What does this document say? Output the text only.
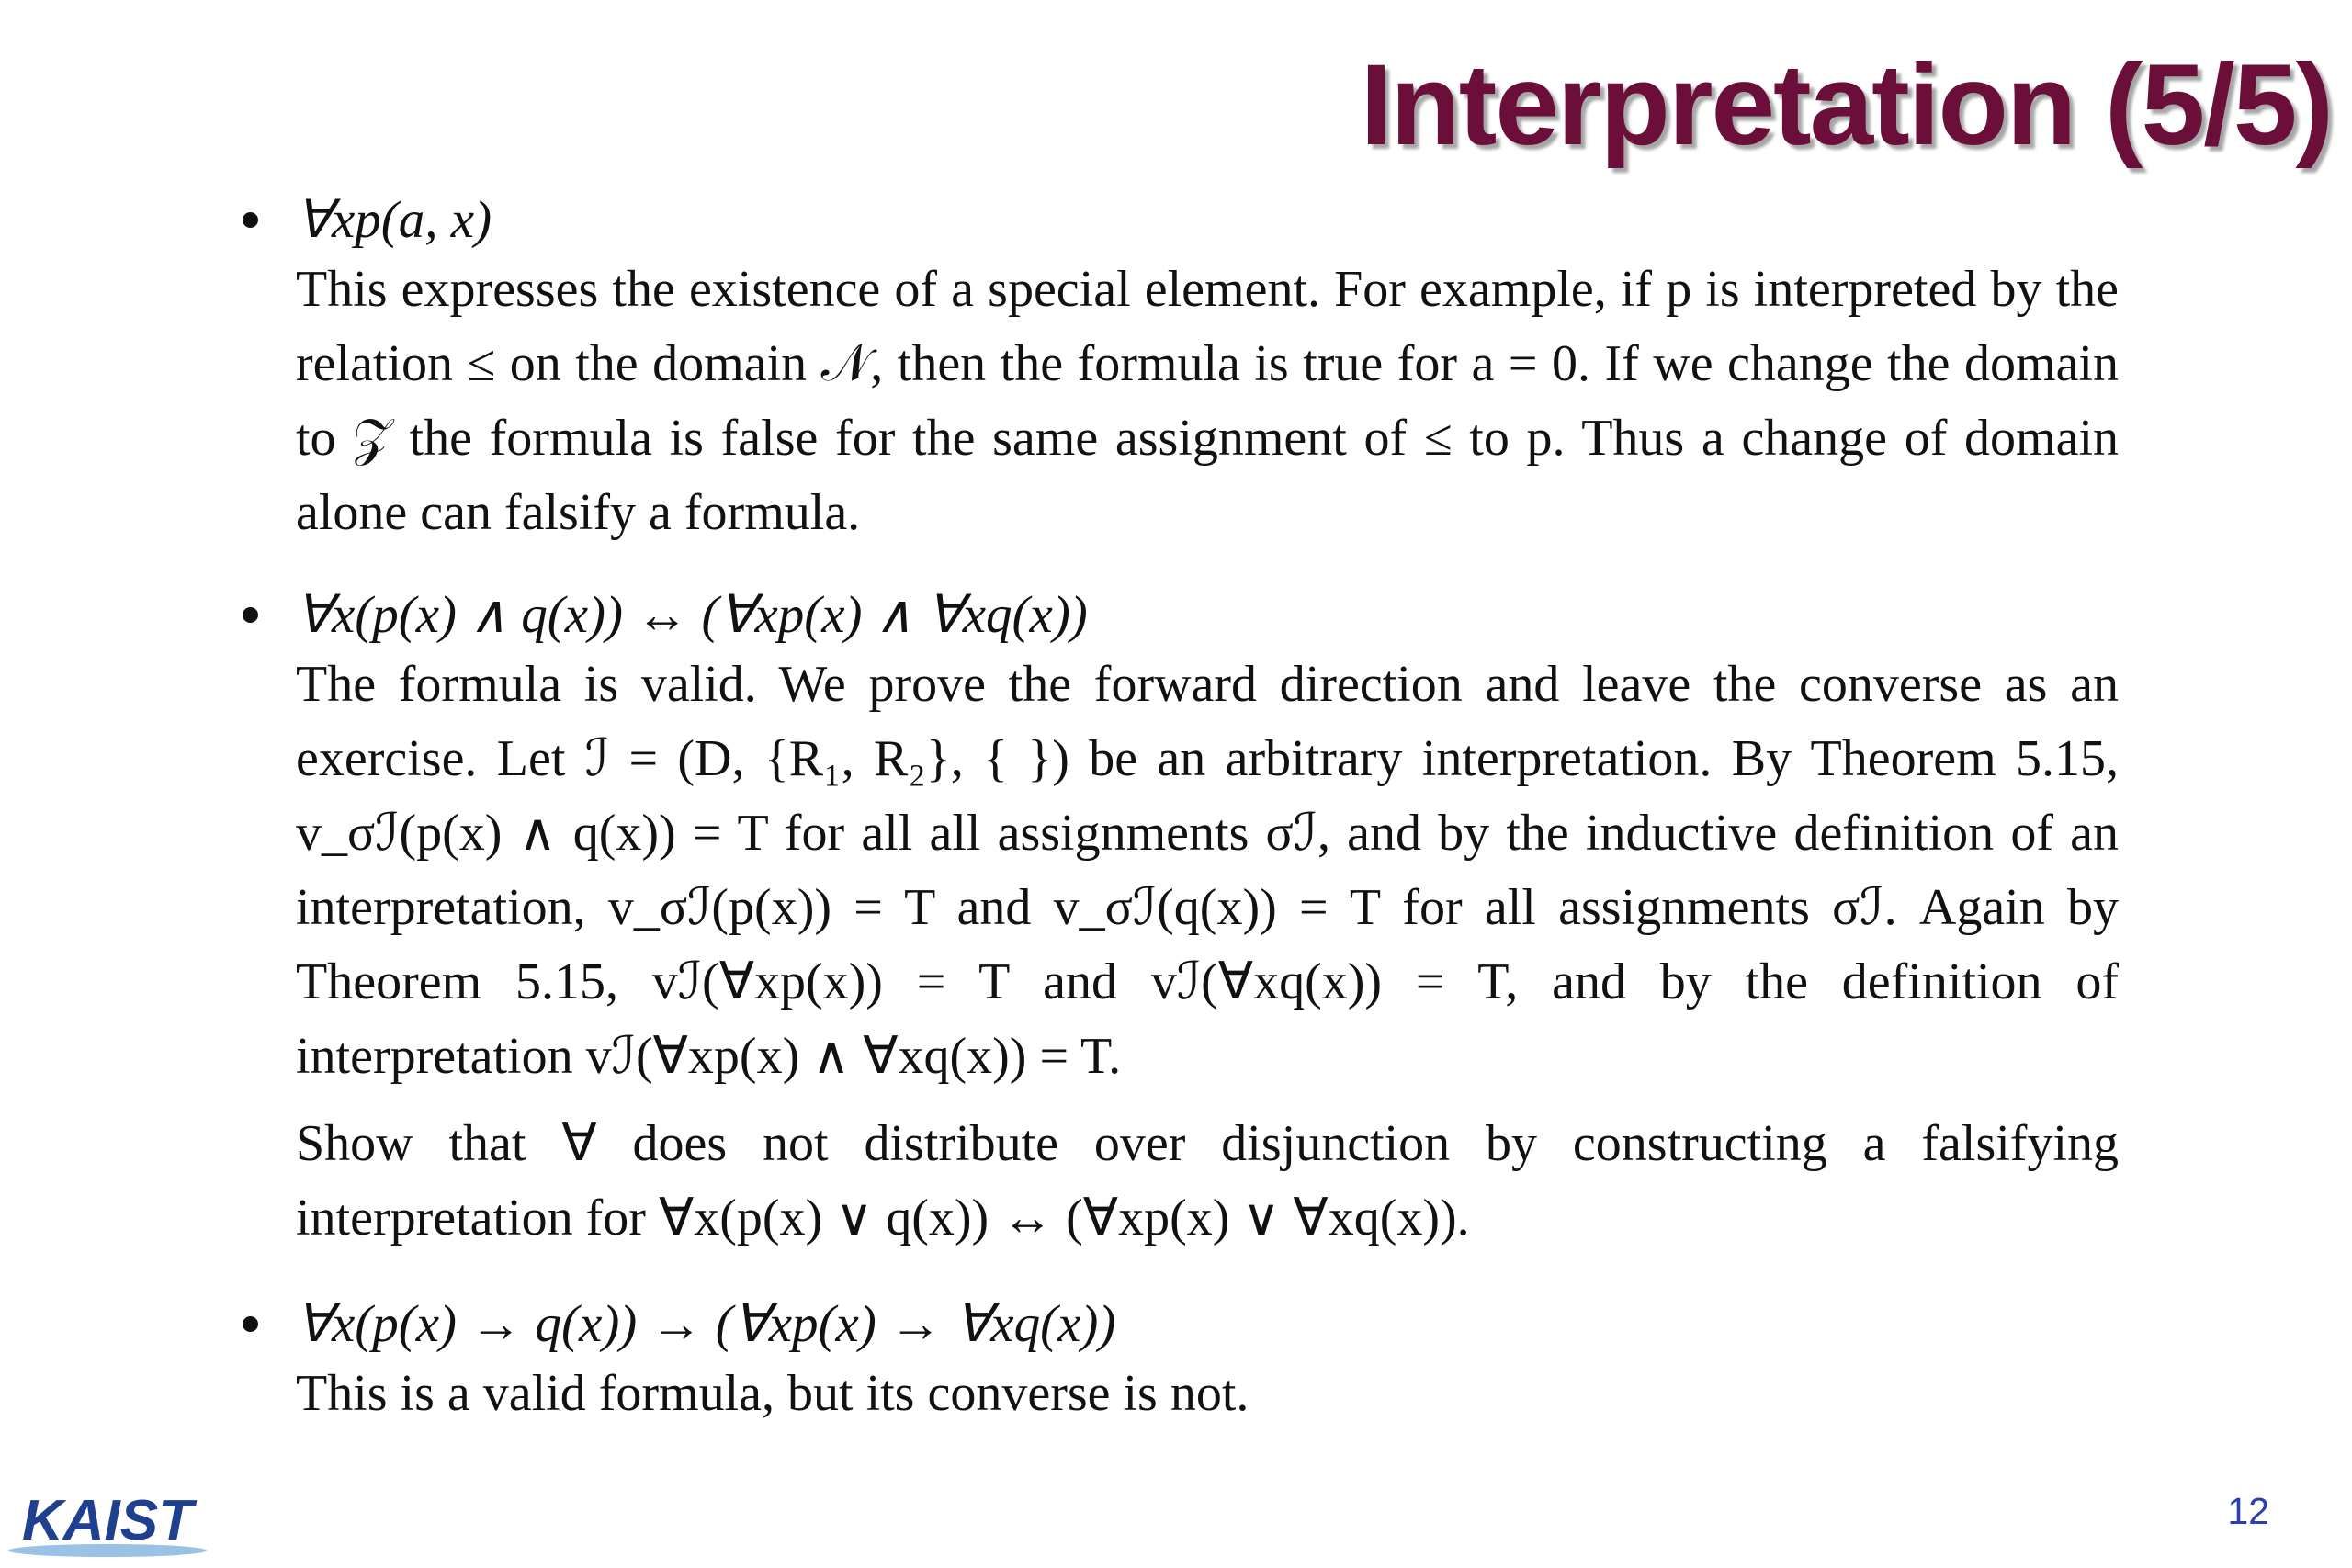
Interpretation (5/5)
∀xp(a, x)

This expresses the existence of a special element. For example, if p is interpreted by the relation ≤ on the domain 𝒩, then the formula is true for a = 0. If we change the domain to 𝒵 the formula is false for the same assignment of ≤ to p. Thus a change of domain alone can falsify a formula.

∀x(p(x) ∧ q(x)) ↔ (∀xp(x) ∧ ∀xq(x))

The formula is valid. We prove the forward direction and leave the converse as an exercise. Let ℐ = (D, {R₁, R₂}, { }) be an arbitrary interpretation. By Theorem 5.15, v_σℐ(p(x) ∧ q(x)) = T for all all assignments σℐ, and by the inductive definition of an interpretation, v_σℐ(p(x)) = T and v_σℐ(q(x)) = T for all assignments σℐ. Again by Theorem 5.15, vℐ(∀xp(x)) = T and vℐ(∀xq(x)) = T, and by the definition of interpretation vℐ(∀xp(x) ∧ ∀xq(x)) = T.

Show that ∀ does not distribute over disjunction by constructing a falsifying interpretation for ∀x(p(x) ∨ q(x)) ↔ (∀xp(x) ∨ ∀xq(x)).

∀x(p(x) → q(x)) → (∀xp(x) → ∀xq(x))

This is a valid formula, but its converse is not.

KAIST	12
